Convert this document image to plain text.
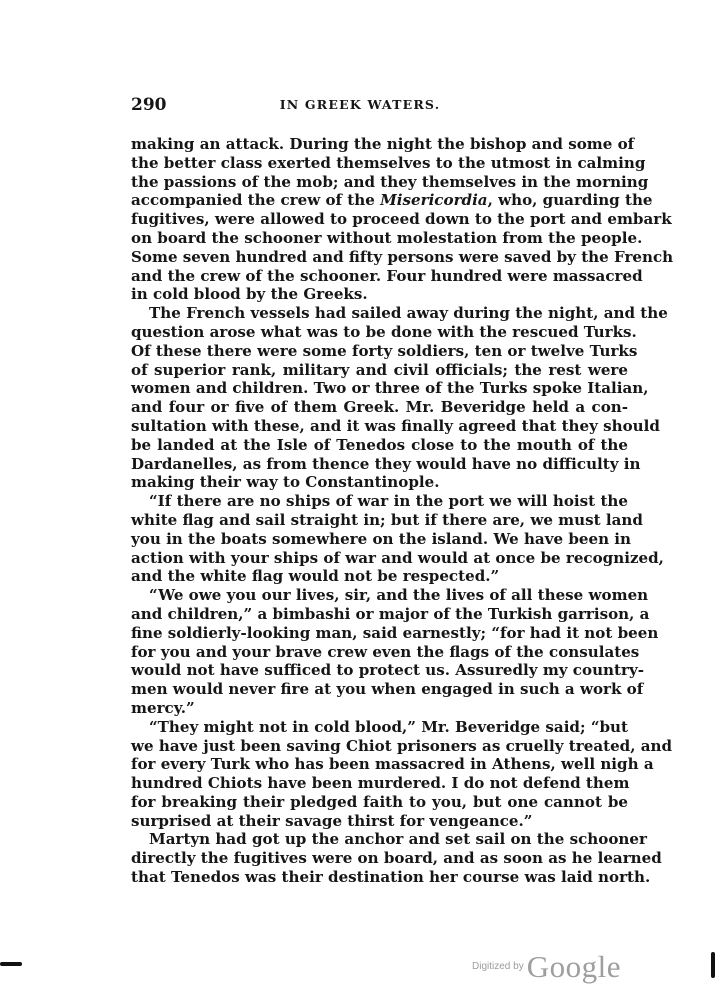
290	IN GREEK WATERS.
making an attack. During the night the bishop and some of
the better class exerted themselves to the utmost in calming
the passions of the mob; and they themselves in the morning
accompanied the crew of the Misericordia, who, guarding the
fugitives, were allowed to proceed down to the port and embark
on board the schooner without molestation from the people.
Some seven hundred and fifty persons were saved by the French
and the crew of the schooner. Four hundred were massacred
in cold blood by the Greeks.
The French vessels had sailed away during the night, and the
question arose what was to be done with the rescued Turks.
Of these there were some forty soldiers, ten or twelve Turks
of superior rank, military and civil officials; the rest were
women and children. Two or three of the Turks spoke Italian,
and four or five of them Greek. Mr. Beveridge held a con-
sultation with these, and it was finally agreed that they should
be landed at the Isle of Tenedos close to the mouth of the
Dardanelles, as from thence they would have no difficulty in
making their way to Constantinople.
“If there are no ships of war in the port we will hoist the
white flag and sail straight in; but if there are, we must land
you in the boats somewhere on the island. We have been in
action with your ships of war and would at once be recognized,
and the white flag would not be respected.”
“We owe you our lives, sir, and the lives of all these women
and children,” a bimbashi or major of the Turkish garrison, a
fine soldierly-looking man, said earnestly; “for had it not been
for you and your brave crew even the flags of the consulates
would not have sufficed to protect us. Assuredly my country-
men would never fire at you when engaged in such a work of
mercy.”
“They might not in cold blood,” Mr. Beveridge said; “but
we have just been saving Chiot prisoners as cruelly treated, and
for every Turk who has been massacred in Athens, well nigh a
hundred Chiots have been murdered. I do not defend them
for breaking their pledged faith to you, but one cannot be
surprised at their savage thirst for vengeance.”
Martyn had got up the anchor and set sail on the schooner
directly the fugitives were on board, and as soon as he learned
that Tenedos was their destination her course was laid north.
$^{Digitized by}$Google
